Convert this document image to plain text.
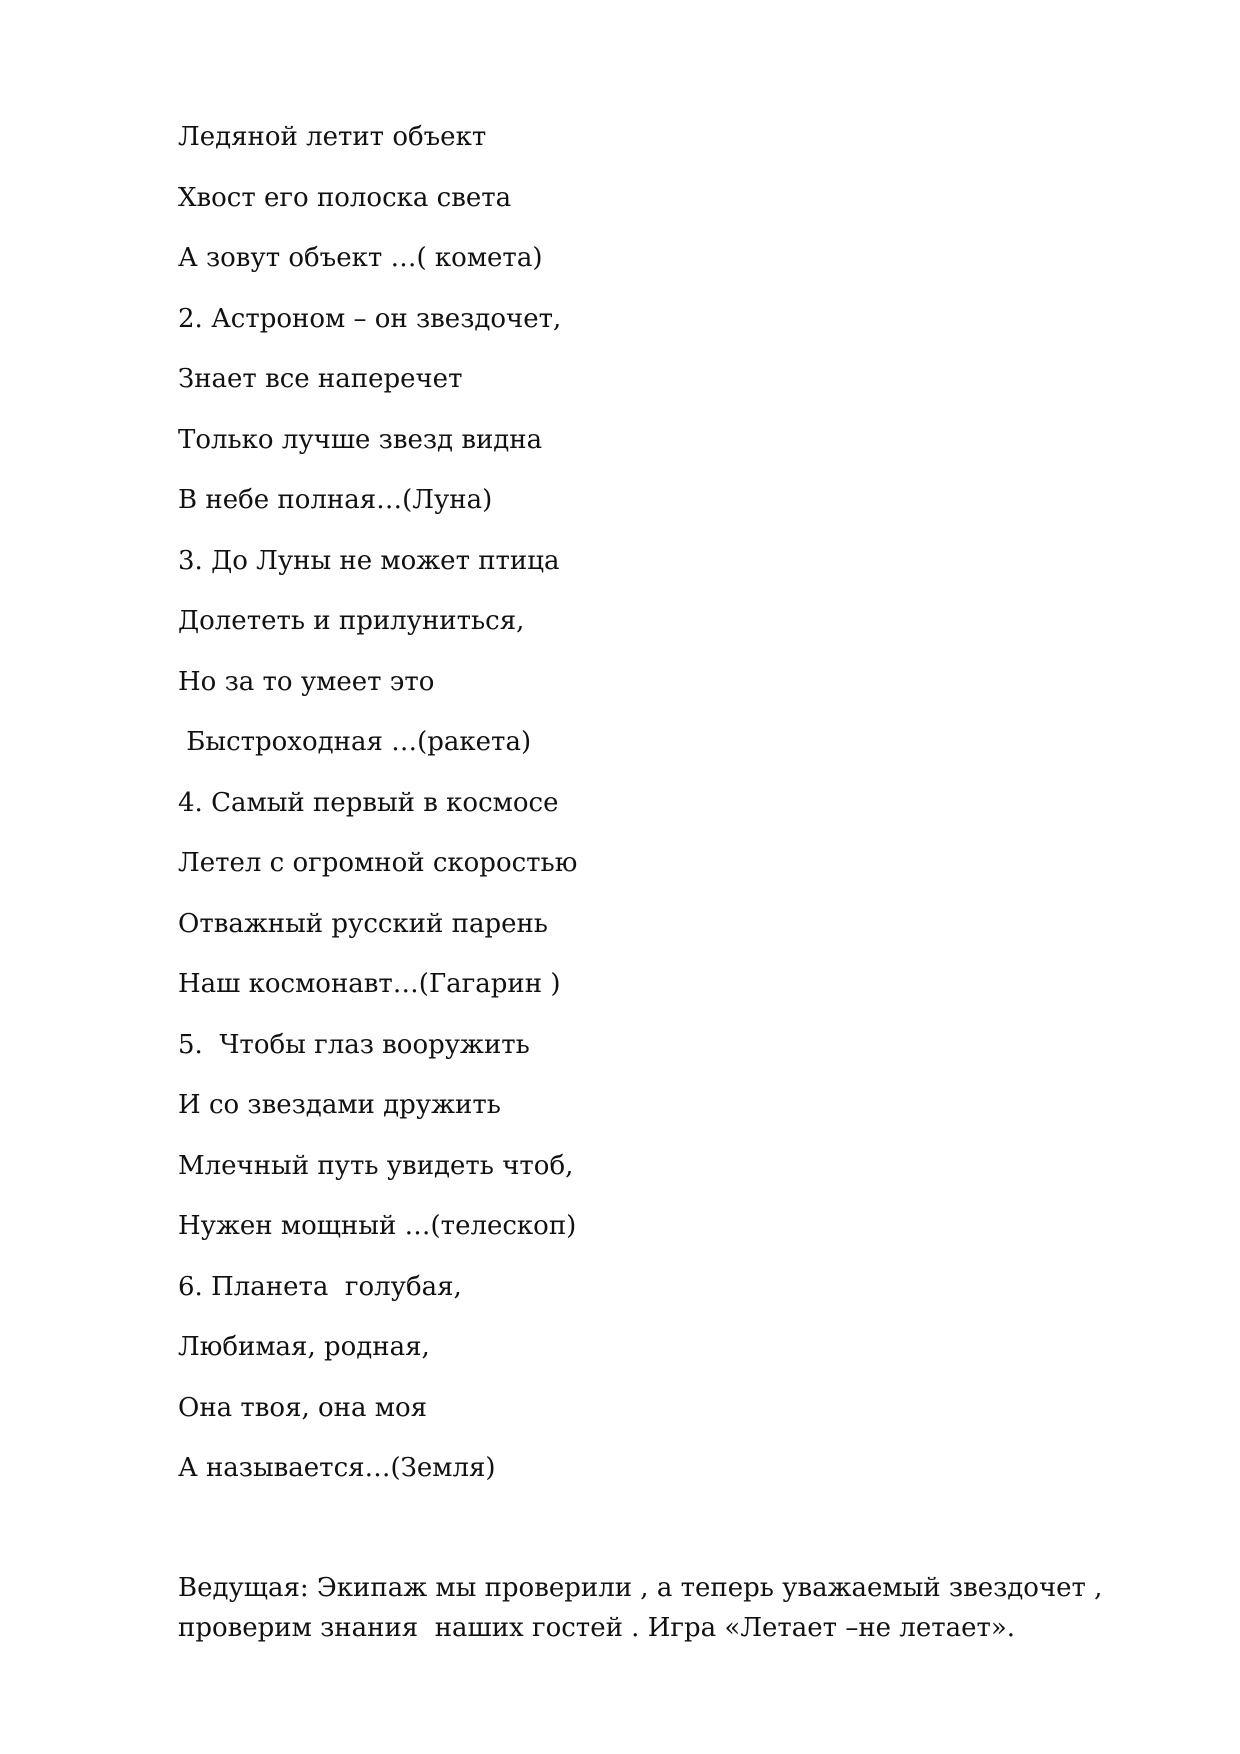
Ледяной летит объект

Хвост его полоска света

А зовут объект …( комета)

2. Астроном – он звездочет,

Знает все наперечет

Только лучше звезд видна

В небе полная…(Луна)

3. До Луны не может птица

Долететь и прилуниться,

Но за то умеет это

Быстроходная …(ракета)

4. Самый первый в космосе

Летел с огромной скоростью

Отважный русский парень

Наш космонавт…(Гагарин )

5.  Чтобы глаз вооружить

И со звездами дружить

Млечный путь увидеть чтоб,

Нужен мощный …(телескоп)

6. Планета  голубая,

Любимая, родная,

Она твоя, она моя

А называется…(Земля)

Ведущая: Экипаж мы проверили , а теперь уважаемый звездочет ,
проверим знания  наших гостей . Игра «Летает –не летает».
